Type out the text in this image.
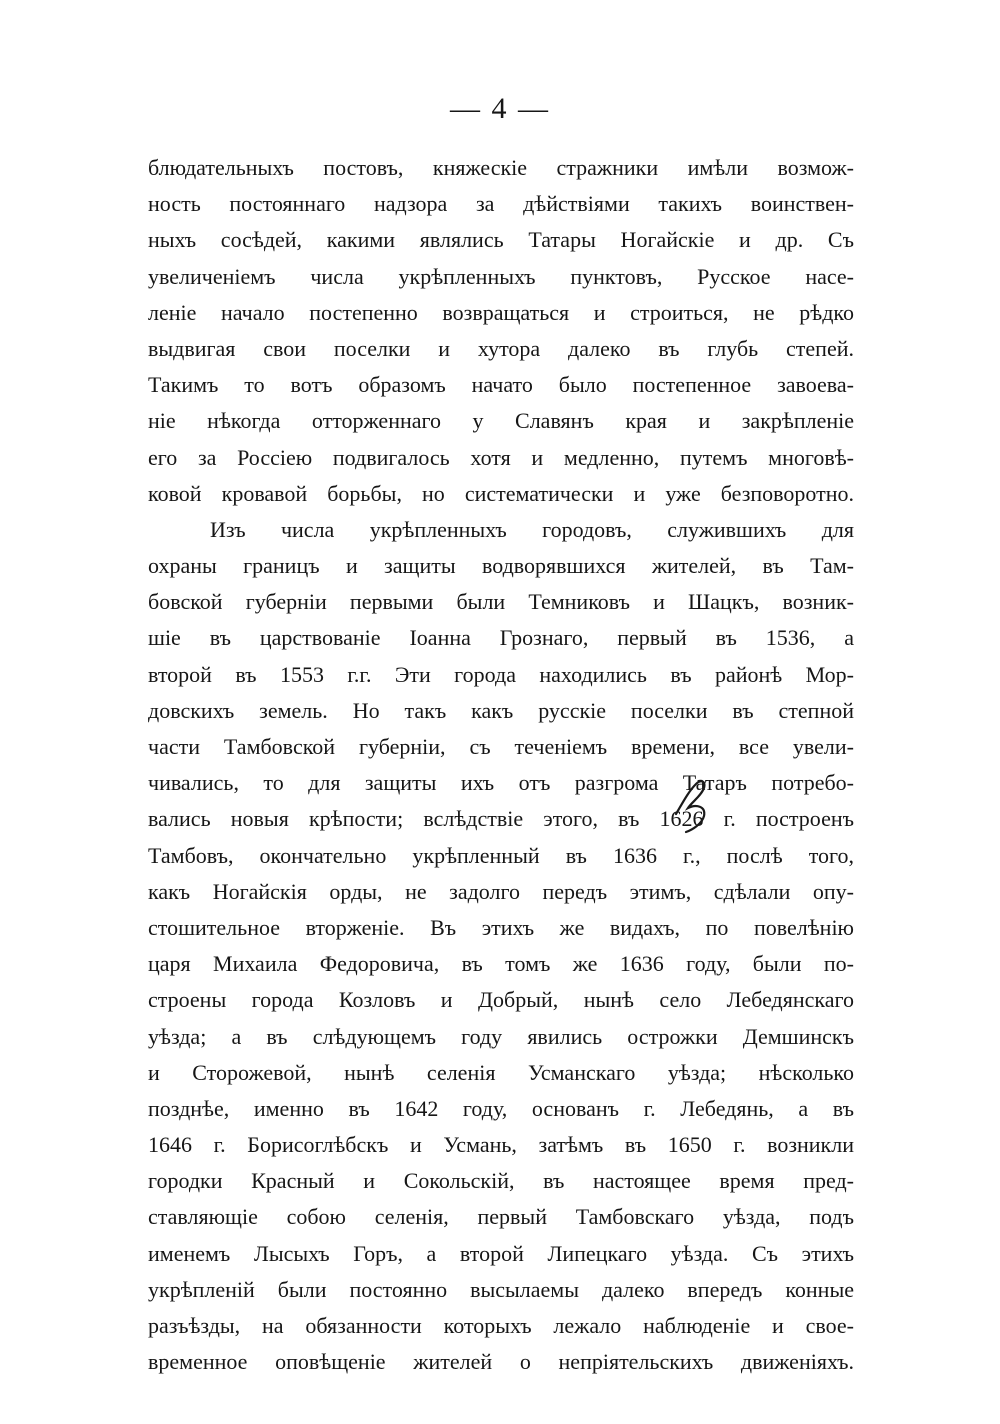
— 4 —
блюдательныхъ постовъ, княжескіе стражники имѣли возмож-
ность постояннаго надзора за дѣйствіями такихъ воинствен-
ныхъ сосѣдей, какими являлись Татары Ногайскіе и др. Съ
увеличеніемъ числа укрѣпленныхъ пунктовъ, Русское насе-
леніе начало постепенно возвращаться и строиться, не рѣдко
выдвигая свои поселки и хутора далеко въ глубь степей.
Такимъ то вотъ образомъ начато было постепенное завоева-
ніе нѣкогда отторженнаго у Славянъ края и закрѣпленіе
его за Россіею подвигалось хотя и медленно, путемъ многовѣ-
ковой кровавой борьбы, но систематически и уже безповоротно.
Изъ числа укрѣпленныхъ городовъ, служившихъ для
охраны границъ и защиты водворявшихся жителей, въ Там-
бовской губерніи первыми были Темниковъ и Шацкъ, возник-
шіе въ царствованіе Іоанна Грознаго, первый въ 1536, а
второй въ 1553 г.г. Эти города находились въ районѣ Мор-
довскихъ земель. Но такъ какъ русскіе поселки въ степной
части Тамбовской губерніи, съ теченіемъ времени, все увели-
чивались, то для защиты ихъ отъ разгрома Татаръ потребо-
вались новыя крѣпости; вслѣдствіе этого, въ 1626 г. построенъ
Тамбовъ, окончательно укрѣпленный въ 1636 г., послѣ того,
какъ Ногайскія орды, не задолго передъ этимъ, сдѣлали опу-
стошительное вторженіе. Въ этихъ же видахъ, по повелѣнію
царя Михаила Федоровича, въ томъ же 1636 году, были по-
строены города Козловъ и Добрый, нынѣ село Лебедянскаго
уѣзда; а въ слѣдующемъ году явились острожки Демшинскъ
и Сторожевой, нынѣ селенія Усманскаго уѣзда; нѣсколько
позднѣе, именно въ 1642 году, основанъ г. Лебедянь, а въ
1646 г. Борисоглѣбскъ и Усмань, затѣмъ въ 1650 г. возникли
городки Красный и Сокольскій, въ настоящее время пред-
ставляющіе собою селенія, первый Тамбовскаго уѣзда, подъ
именемъ Лысыхъ Горъ, а второй Липецкаго уѣзда. Съ этихъ
укрѣпленій были постоянно высылаемы далеко впередъ конные
разъѣзды, на обязанности которыхъ лежало наблюденіе и свое-
временное оповѣщеніе жителей о непріятельскихъ движеніяхъ.
